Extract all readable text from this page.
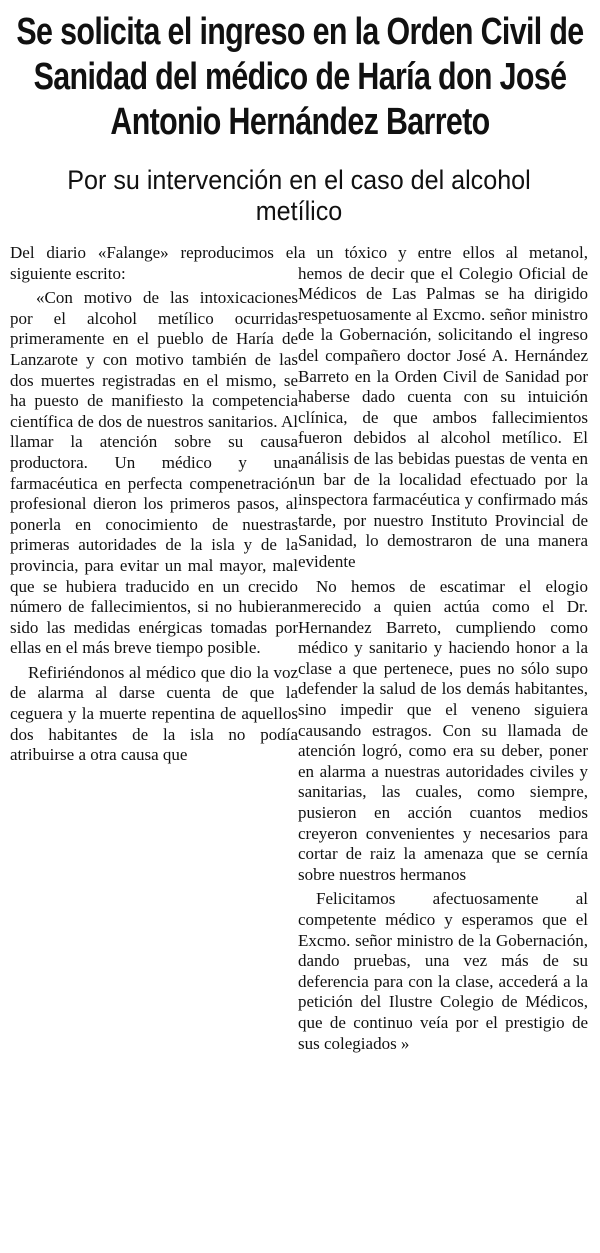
Se solicita el ingreso en la Orden Civil de Sanidad del médico de Haría don José Antonio Hernández Barreto
Por su intervención en el caso del alcohol metílico

Del diario «Falange» reproducimos el siguiente escrito:

«Con motivo de las intoxicaciones por el alcohol metílico ocurridas primeramente en el pueblo de Haría de Lanzarote y con motivo también de las dos muertes registradas en el mismo, se ha puesto de manifiesto la competencia científica de dos de nuestros sanitarios. Al llamar la atención sobre su causa productora. Un médico y una farmacéutica en perfecta compenetración profesional dieron los primeros pasos, al ponerla en conocimiento de nuestras primeras autoridades de la isla y de la provincia, para evitar un mal mayor, mal que se hubiera traducido en un crecido número de fallecimientos, si no hubieran sido las medidas enérgicas tomadas por ellas en el más breve tiempo posible.

Refiriéndonos al médico que dio la voz de alarma al darse cuenta de que la ceguera y la muerte repentina de aquellos dos habitantes de la isla no podía atribuirse a otra causa que

a un tóxico y entre ellos al metanol, hemos de decir que el Colegio Oficial de Médicos de Las Palmas se ha dirigido respetuosamente al Excmo. señor ministro de la Gobernación, solicitando el ingreso del compañero doctor José A. Hernández Barreto en la Orden Civil de Sanidad por haberse dado cuenta con su intuición clínica, de que ambos fallecimientos fueron debidos al alcohol metílico. El análisis de las bebidas puestas de venta en un bar de la localidad efectuado por la inspectora farmacéutica y confirmado más tarde, por nuestro Instituto Provincial de Sanidad, lo demostraron de una manera evidente

No hemos de escatimar el elogio merecido a quien actúa como el Dr. Hernandez Barreto, cumpliendo como médico y sanitario y haciendo honor a la clase a que pertenece, pues no sólo supo defender la salud de los demás habitantes, sino impedir que el veneno siguiera causando estragos. Con su llamada de atención logró, como era su deber, poner en alarma a nuestras autoridades civiles y sanitarias, las cuales, como siempre, pusieron en acción cuantos medios creyeron convenientes y necesarios para cortar de raiz la amenaza que se cernía sobre nuestros hermanos

Felicitamos afectuosamente al competente médico y esperamos que el Excmo. señor ministro de la Gobernación, dando pruebas, una vez más de su deferencia para con la clase, accederá a la petición del Ilustre Colegio de Médicos, que de continuo veía por el prestigio de sus colegiados »
